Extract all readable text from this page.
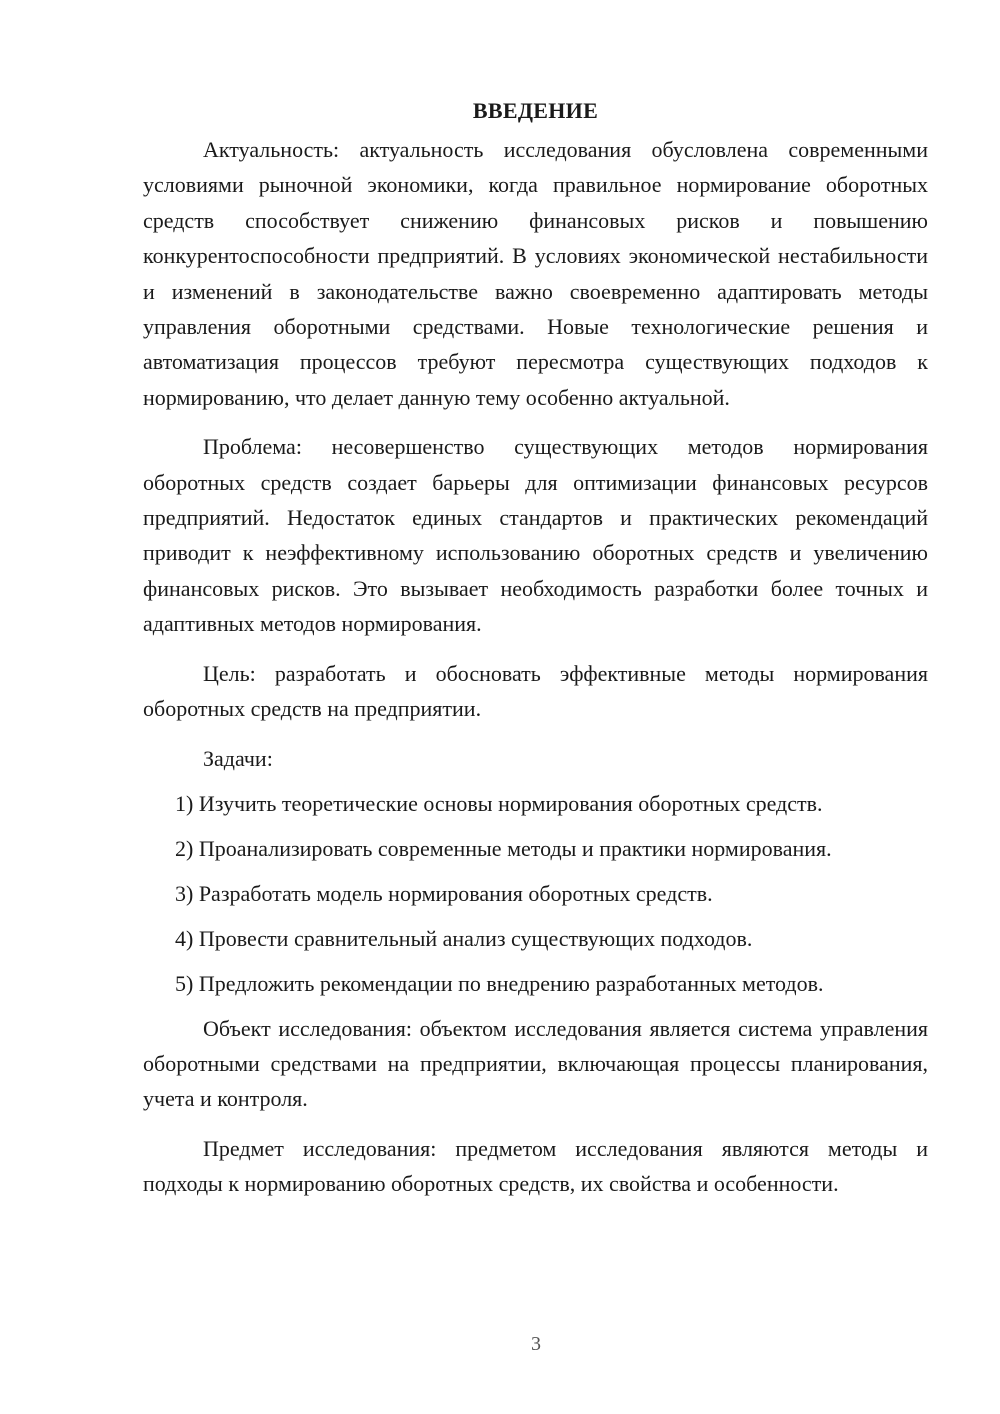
ВВЕДЕНИЕ

Актуальность: актуальность исследования обусловлена современными условиями рыночной экономики, когда правильное нормирование оборотных средств способствует снижению финансовых рисков и повышению конкурентоспособности предприятий. В условиях экономической нестабильности и изменений в законодательстве важно своевременно адаптировать методы управления оборотными средствами. Новые технологические решения и автоматизация процессов требуют пересмотра существующих подходов к нормированию, что делает данную тему особенно актуальной.

Проблема: несовершенство существующих методов нормирования оборотных средств создает барьеры для оптимизации финансовых ресурсов предприятий. Недостаток единых стандартов и практических рекомендаций приводит к неэффективному использованию оборотных средств и увеличению финансовых рисков. Это вызывает необходимость разработки более точных и адаптивных методов нормирования.

Цель: разработать и обосновать эффективные методы нормирования оборотных средств на предприятии.

Задачи:

1) Изучить теоретические основы нормирования оборотных средств.
2) Проанализировать современные методы и практики нормирования.
3) Разработать модель нормирования оборотных средств.
4) Провести сравнительный анализ существующих подходов.
5) Предложить рекомендации по внедрению разработанных методов.

Объект исследования: объектом исследования является система управления оборотными средствами на предприятии, включающая процессы планирования, учета и контроля.

Предмет исследования: предметом исследования являются методы и подходы к нормированию оборотных средств, их свойства и особенности.

3
